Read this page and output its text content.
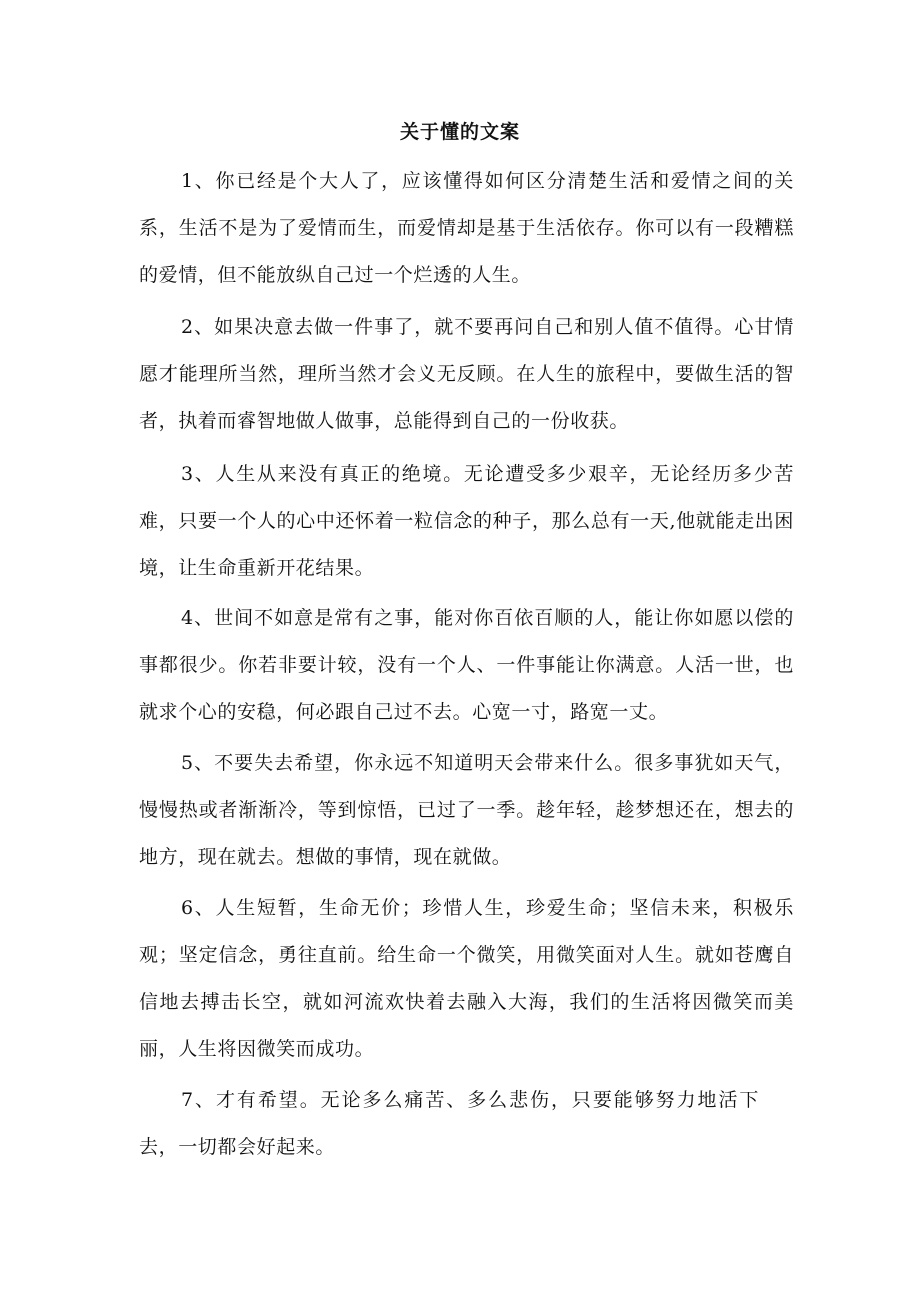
关于懂的文案

1、你已经是个大人了，应该懂得如何区分清楚生活和爱情之间的关系，生活不是为了爱情而生，而爱情却是基于生活依存。你可以有一段糟糕的爱情，但不能放纵自己过一个烂透的人生。

2、如果决意去做一件事了，就不要再问自己和别人值不值得。心甘情愿才能理所当然，理所当然才会义无反顾。在人生的旅程中，要做生活的智者，执着而睿智地做人做事，总能得到自己的一份收获。

3、人生从来没有真正的绝境。无论遭受多少艰辛，无论经历多少苦难，只要一个人的心中还怀着一粒信念的种子，那么总有一天,他就能走出困境，让生命重新开花结果。

4、世间不如意是常有之事，能对你百依百顺的人，能让你如愿以偿的事都很少。你若非要计较，没有一个人、一件事能让你满意。人活一世，也就求个心的安稳，何必跟自己过不去。心宽一寸，路宽一丈。

5、不要失去希望，你永远不知道明天会带来什么。很多事犹如天气，慢慢热或者渐渐冷，等到惊悟，已过了一季。趁年轻，趁梦想还在，想去的地方，现在就去。想做的事情，现在就做。

6、人生短暂，生命无价；珍惜人生，珍爱生命；坚信未来，积极乐观；坚定信念，勇往直前。给生命一个微笑，用微笑面对人生。就如苍鹰自信地去搏击长空，就如河流欢快着去融入大海，我们的生活将因微笑而美丽，人生将因微笑而成功。

7、才有希望。无论多么痛苦、多么悲伤，只要能够努力地活下去，一切都会好起来。
